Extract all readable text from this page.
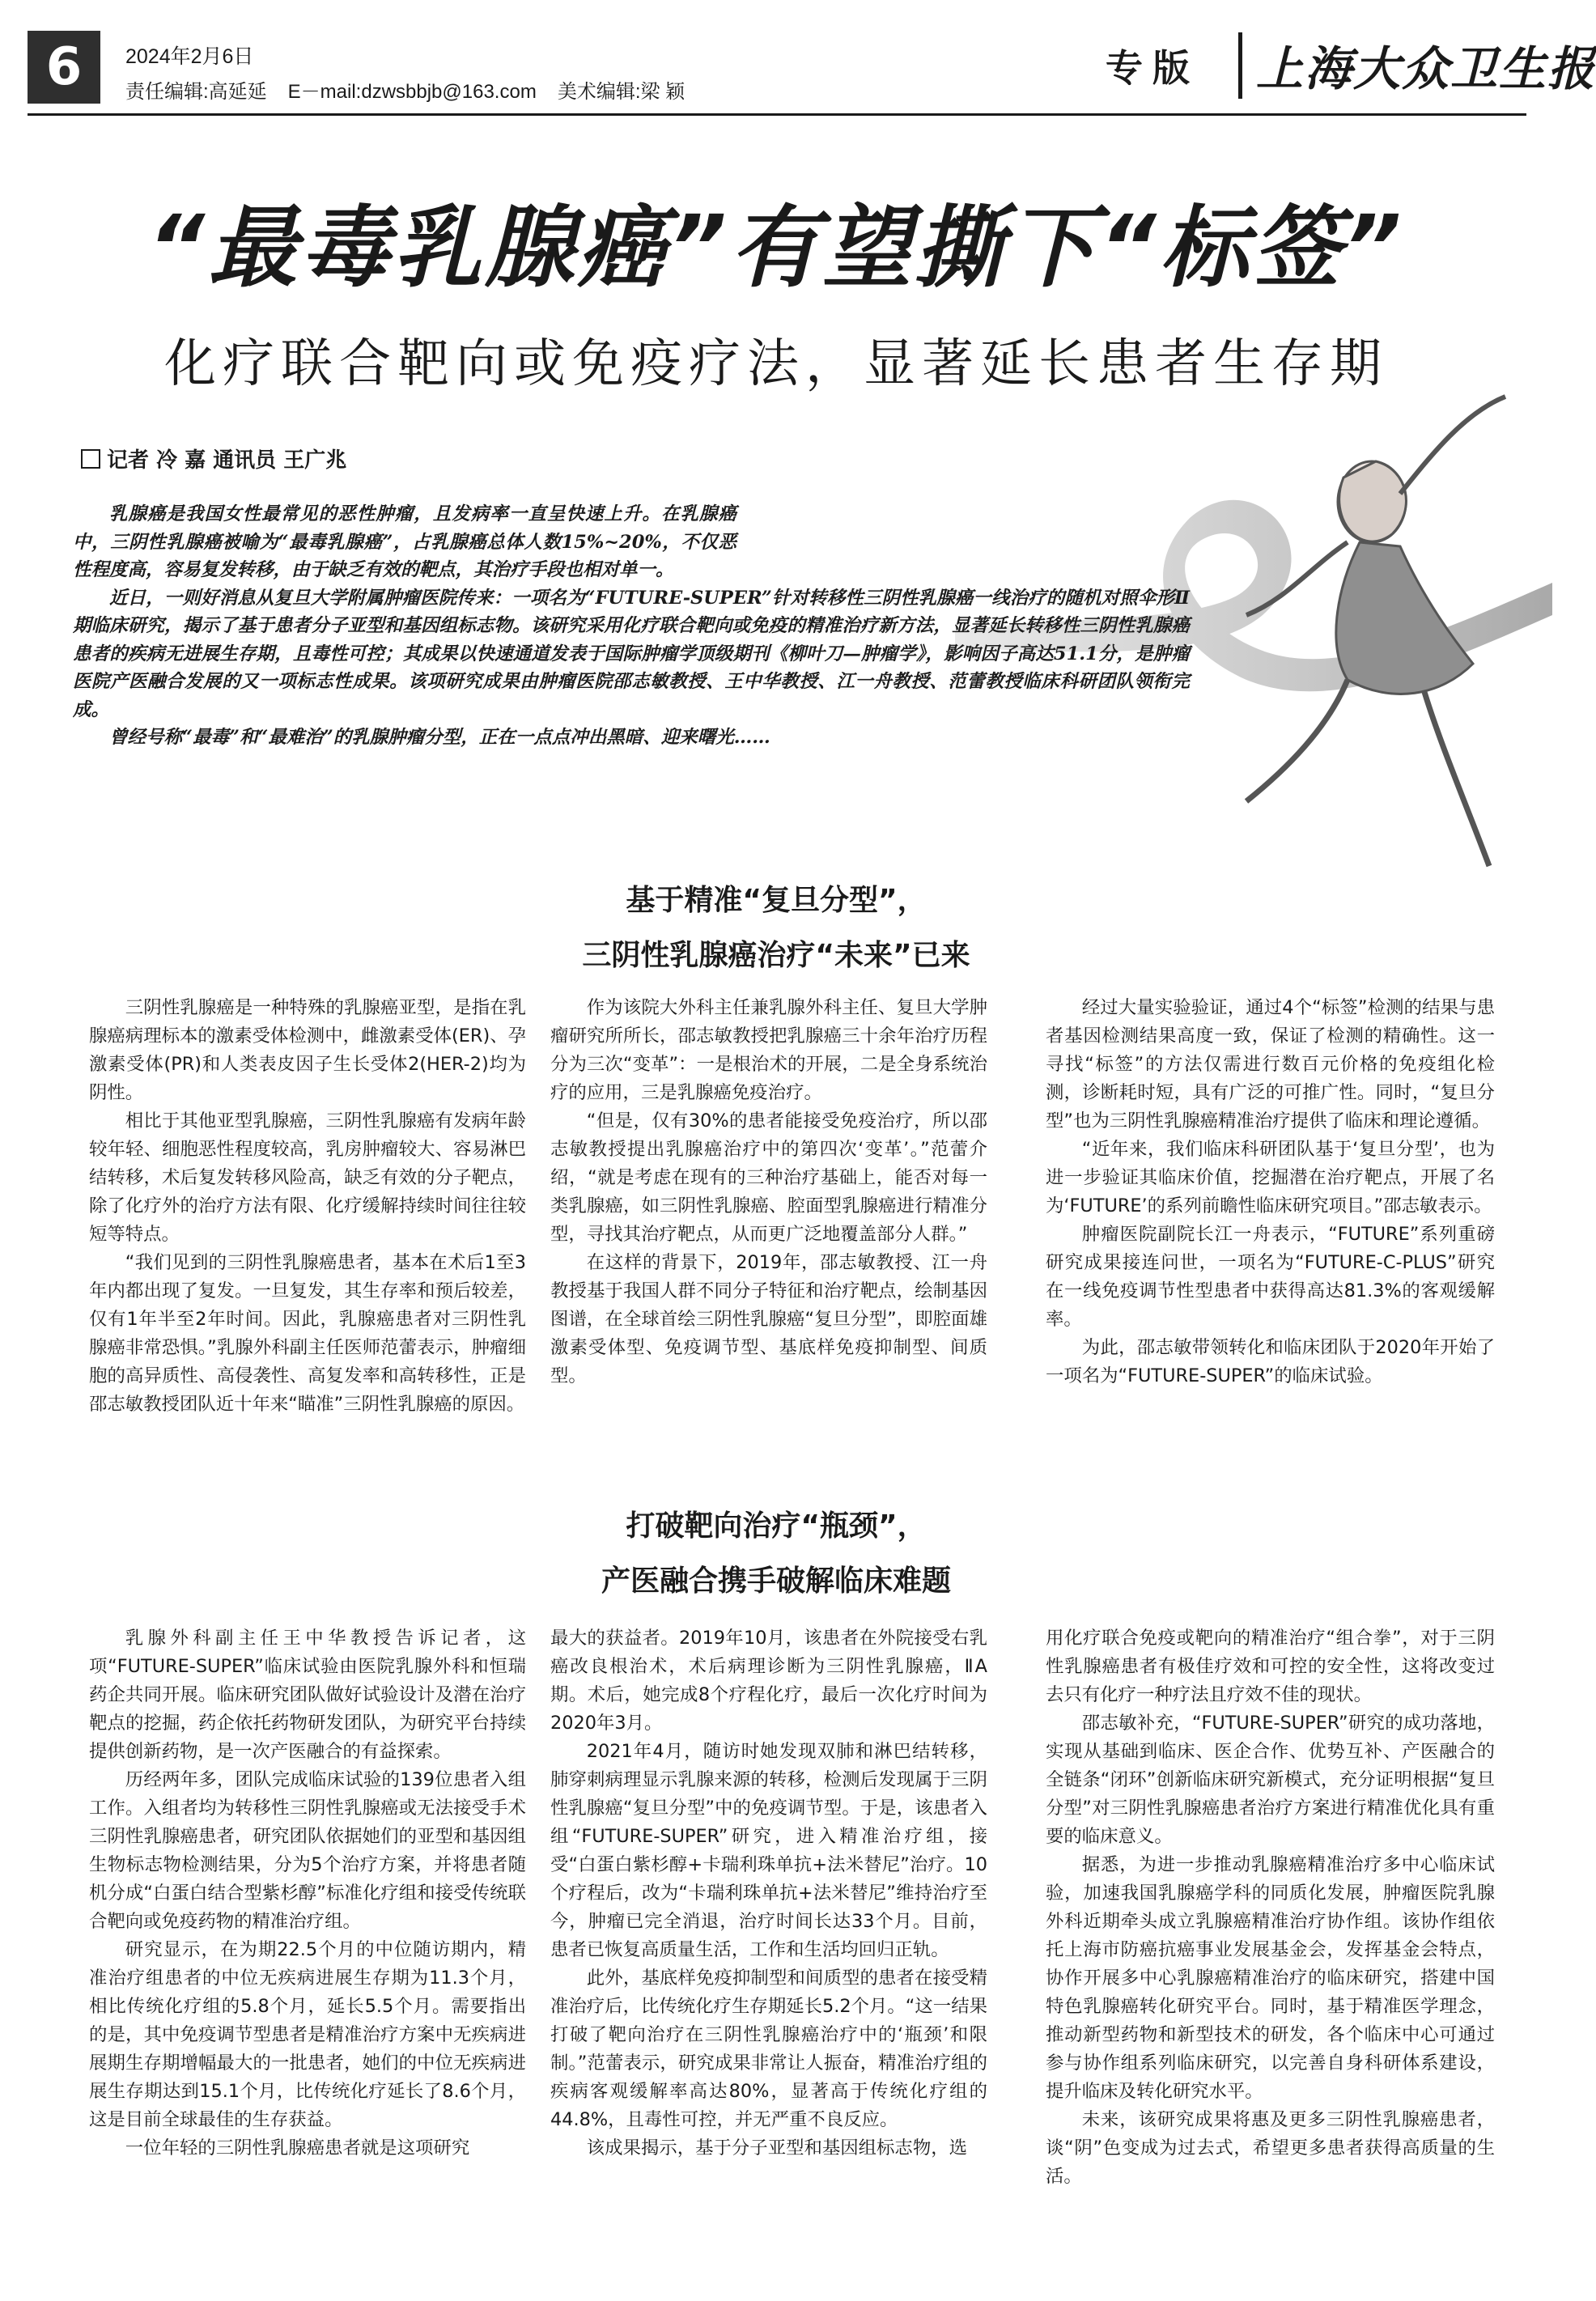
6	2024年2月6日
责任编辑:高延延 E－mail:dzwsbbjb@163.com 美术编辑:梁 颖
专版 上海大众卫生报
“最毒乳腺癌”有望撕下“标签”
化疗联合靶向或免疫疗法，显著延长患者生存期
记者 冷 嘉 通讯员 王广兆

乳腺癌是我国女性最常见的恶性肿瘤，且发病率一直呈快速上升。在乳腺癌中，三阴性乳腺癌被喻为“最毒乳腺癌”，占乳腺癌总体人数15%~20%，不仅恶性程度高，容易复发转移，由于缺乏有效的靶点，其治疗手段也相对单一。

近日，一则好消息从复旦大学附属肿瘤医院传来：一项名为“FUTURE-SUPER”针对转移性三阴性乳腺癌一线治疗的随机对照伞形Ⅱ期临床研究，揭示了基于患者分子亚型和基因组标志物。该研究采用化疗联合靶向或免疫的精准治疗新方法，显著延长转移性三阴性乳腺癌患者的疾病无进展生存期，且毒性可控；其成果以快速通道发表于国际肿瘤学顶级期刊《柳叶刀—肿瘤学》，影响因子高达51.1分，是肿瘤医院产医融合发展的又一项标志性成果。该项研究成果由肿瘤医院邵志敏教授、王中华教授、江一舟教授、范蕾教授临床科研团队领衔完成。

曾经号称“最毒”和“最难治”的乳腺肿瘤分型，正在一点点冲出黑暗、迎来曙光……

基于精准“复旦分型”，
三阴性乳腺癌治疗“未来”已来

三阴性乳腺癌是一种特殊的乳腺癌亚型，是指在乳腺癌病理标本的激素受体检测中，雌激素受体(ER)、孕激素受体(PR)和人类表皮因子生长受体2(HER-2)均为阴性。

相比于其他亚型乳腺癌，三阴性乳腺癌有发病年龄较年轻、细胞恶性程度较高，乳房肿瘤较大、容易淋巴结转移，术后复发转移风险高，缺乏有效的分子靶点，除了化疗外的治疗方法有限、化疗缓解持续时间往往较短等特点。

“我们见到的三阴性乳腺癌患者，基本在术后1至3年内都出现了复发。一旦复发，其生存率和预后较差，仅有1年半至2年时间。因此，乳腺癌患者对三阴性乳腺癌非常恐惧。”乳腺外科副主任医师范蕾表示，肿瘤细胞的高异质性、高侵袭性、高复发率和高转移性，正是邵志敏教授团队近十年来“瞄准”三阴性乳腺癌的原因。

作为该院大外科主任兼乳腺外科主任、复旦大学肿瘤研究所所长，邵志敏教授把乳腺癌三十余年治疗历程分为三次“变革”：一是根治术的开展，二是全身系统治疗的应用，三是乳腺癌免疫治疗。

“但是，仅有30%的患者能接受免疫治疗，所以邵志敏教授提出乳腺癌治疗中的第四次‘变革’。”范蕾介绍，“就是考虑在现有的三种治疗基础上，能否对每一类乳腺癌，如三阴性乳腺癌、腔面型乳腺癌进行精准分型，寻找其治疗靶点，从而更广泛地覆盖部分人群。”

在这样的背景下，2019年，邵志敏教授、江一舟教授基于我国人群不同分子特征和治疗靶点，绘制基因图谱，在全球首绘三阴性乳腺癌“复旦分型”，即腔面雄激素受体型、免疫调节型、基底样免疫抑制型、间质型。

经过大量实验验证，通过4个“标签”检测的结果与患者基因检测结果高度一致，保证了检测的精确性。这一寻找“标签”的方法仅需进行数百元价格的免疫组化检测，诊断耗时短，具有广泛的可推广性。同时，“复旦分型”也为三阴性乳腺癌精准治疗提供了临床和理论遵循。

“近年来，我们临床科研团队基于‘复旦分型’，也为进一步验证其临床价值，挖掘潜在治疗靶点，开展了名为‘FUTURE’的系列前瞻性临床研究项目。”邵志敏表示。

肿瘤医院副院长江一舟表示，“FUTURE”系列重磅研究成果接连问世，一项名为“FUTURE-C-PLUS”研究在一线免疫调节性型患者中获得高达81.3%的客观缓解率。

为此，邵志敏带领转化和临床团队于2020年开始了一项名为“FUTURE-SUPER”的临床试验。

打破靶向治疗“瓶颈”，
产医融合携手破解临床难题

乳腺外科副主任王中华教授告诉记者，这项“FUTURE-SUPER”临床试验由医院乳腺外科和恒瑞药企共同开展。临床研究团队做好试验设计及潜在治疗靶点的挖掘，药企依托药物研发团队，为研究平台持续提供创新药物，是一次产医融合的有益探索。

历经两年多，团队完成临床试验的139位患者入组工作。入组者均为转移性三阴性乳腺癌或无法接受手术三阴性乳腺癌患者，研究团队依据她们的亚型和基因组生物标志物检测结果，分为5个治疗方案，并将患者随机分成“白蛋白结合型紫杉醇”标准化疗组和接受传统联合靶向或免疫药物的精准治疗组。

研究显示，在为期22.5个月的中位随访期内，精准治疗组患者的中位无疾病进展生存期为11.3个月，相比传统化疗组的5.8个月，延长5.5个月。需要指出的是，其中免疫调节型患者是精准治疗方案中无疾病进展期生存期增幅最大的一批患者，她们的中位无疾病进展生存期达到15.1个月，比传统化疗延长了8.6个月，这是目前全球最佳的生存获益。

一位年轻的三阴性乳腺癌患者就是这项研究

最大的获益者。2019年10月，该患者在外院接受右乳癌改良根治术，术后病理诊断为三阴性乳腺癌，ⅡA期。术后，她完成8个疗程化疗，最后一次化疗时间为2020年3月。

2021年4月，随访时她发现双肺和淋巴结转移，肺穿刺病理显示乳腺来源的转移，检测后发现属于三阴性乳腺癌“复旦分型”中的免疫调节型。于是，该患者入组“FUTURE-SUPER”研究，进入精准治疗组，接受“白蛋白紫杉醇+卡瑞利珠单抗+法米替尼”治疗。10个疗程后，改为“卡瑞利珠单抗+法米替尼”维持治疗至今，肿瘤已完全消退，治疗时间长达33个月。目前，患者已恢复高质量生活，工作和生活均回归正轨。

此外，基底样免疫抑制型和间质型的患者在接受精准治疗后，比传统化疗生存期延长5.2个月。“这一结果打破了靶向治疗在三阴性乳腺癌治疗中的‘瓶颈’和限制。”范蕾表示，研究成果非常让人振奋，精准治疗组的疾病客观缓解率高达80%，显著高于传统化疗组的44.8%，且毒性可控，并无严重不良反应。

该成果揭示，基于分子亚型和基因组标志物，选

用化疗联合免疫或靶向的精准治疗“组合拳”，对于三阴性乳腺癌患者有极佳疗效和可控的安全性，这将改变过去只有化疗一种疗法且疗效不佳的现状。

邵志敏补充，“FUTURE-SUPER”研究的成功落地，实现从基础到临床、医企合作、优势互补、产医融合的全链条“闭环”创新临床研究新模式，充分证明根据“复旦分型”对三阴性乳腺癌患者治疗方案进行精准优化具有重要的临床意义。

据悉，为进一步推动乳腺癌精准治疗多中心临床试验，加速我国乳腺癌学科的同质化发展，肿瘤医院乳腺外科近期牵头成立乳腺癌精准治疗协作组。该协作组依托上海市防癌抗癌事业发展基金会，发挥基金会特点，协作开展多中心乳腺癌精准治疗的临床研究，搭建中国特色乳腺癌转化研究平台。同时，基于精准医学理念，推动新型药物和新型技术的研发，各个临床中心可通过参与协作组系列临床研究，以完善自身科研体系建设，提升临床及转化研究水平。

未来，该研究成果将惠及更多三阴性乳腺癌患者，谈“阴”色变成为过去式，希望更多患者获得高质量的生活。
